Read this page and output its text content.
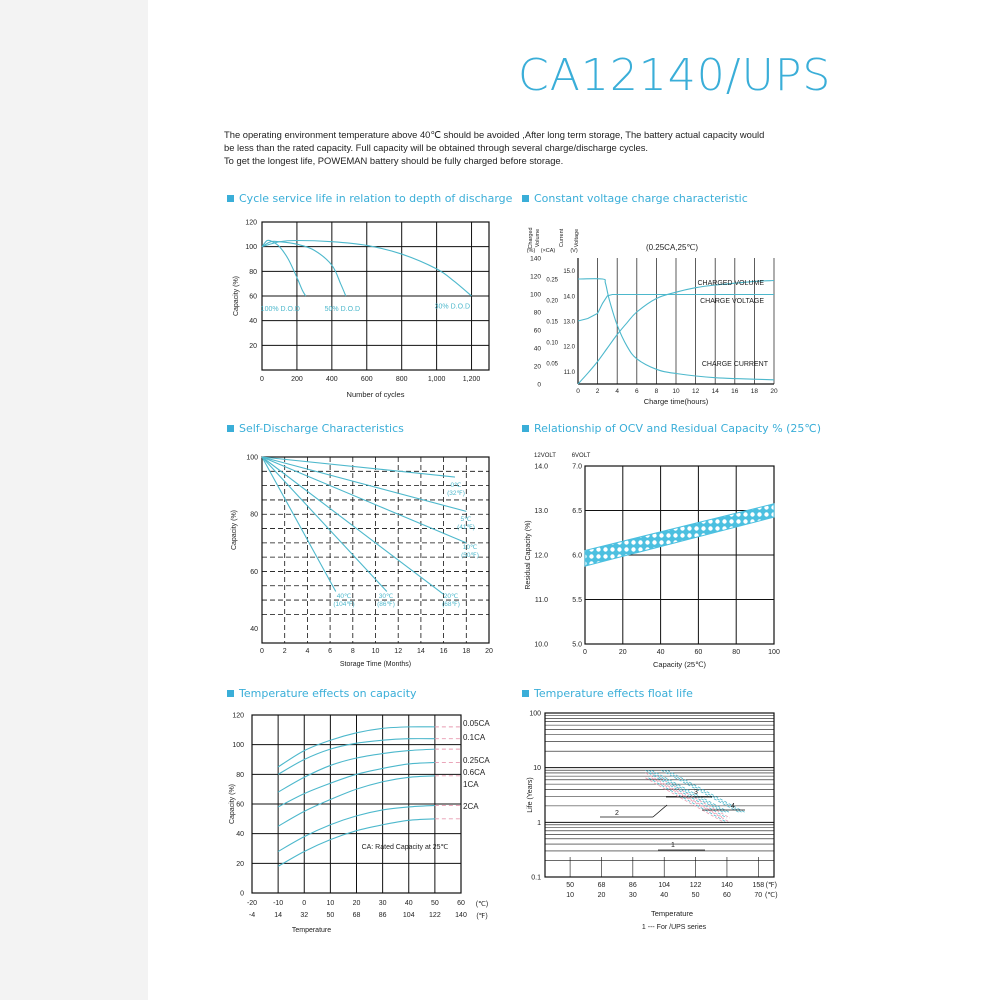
CA12140/UPS
The operating environment temperature above 40℃ should be avoided ,After long term storage, The battery actual capacity would
be less than the rated capacity. Full capacity will be obtained through several charge/discharge cycles.
To get the longest life, POWEMAN battery should be fully charged before storage.
Cycle service life in relation to depth of discharge Constant voltage charge characteristic
Self-Discharge Characteristics	Relationship of OCV and Residual Capacity % (25℃)
Temperature effects on capacity	Temperature effects float life
0	200	400	600	800	1,000 1,200
20
40
60
80
100
120
Number of cycles
Capacity (%)	100% D.O.D	50% D.O.D	30% D.O.D
0 2 4 6 8 10 12 14 16 18 20
0
20
40
60
80
100
120
140
0.05
0.10
0.15
0.20
0.25
11.0
12.0
13.0
14.0
15.0
Charged Volume	Current Voltage
(%) (×CA)	(V)	(0.25CA,25℃)
CHARGED VOLUME
CHARGE VOLTAGE
CHARGE CURRENT
Charge time(hours)
0	2	4	6	8 10 12 14 16 18 20
40
60
80
100
0℃
(32℉)
5℃
(41℉)
10℃
(50℉)
20℃
(68℉)
30℃
(86℉)
40℃
(104℉)
Storage Time (Months)
Capacity (%)
0	20	40	60	80	100
10.0
11.0
12.0
13.0
14.0
5.0
5.5
6.0
6.5
7.0
12VOLT	6VOLT
Capacity (25℃)
Residual Capacity (%)
-20
-4
-10
14
0
32
10
50
20
68
30
86
40
104
50
122
60
140
0
20
40
60
80
100
120
(℃)
(℉)
0.05CA
0.1CA
0.25CA
0.6CA
1CA
2CA
CA: Rated Capacity at 25℃
Temperature
Capacity (%)
0.1
1
10
100
50	68	86	104	122	140	158 (℉)
10	20	30	40	50	60	70 (℃)
2
3
4
1
Temperature
1 --- For /UPS series
Life (Years)
